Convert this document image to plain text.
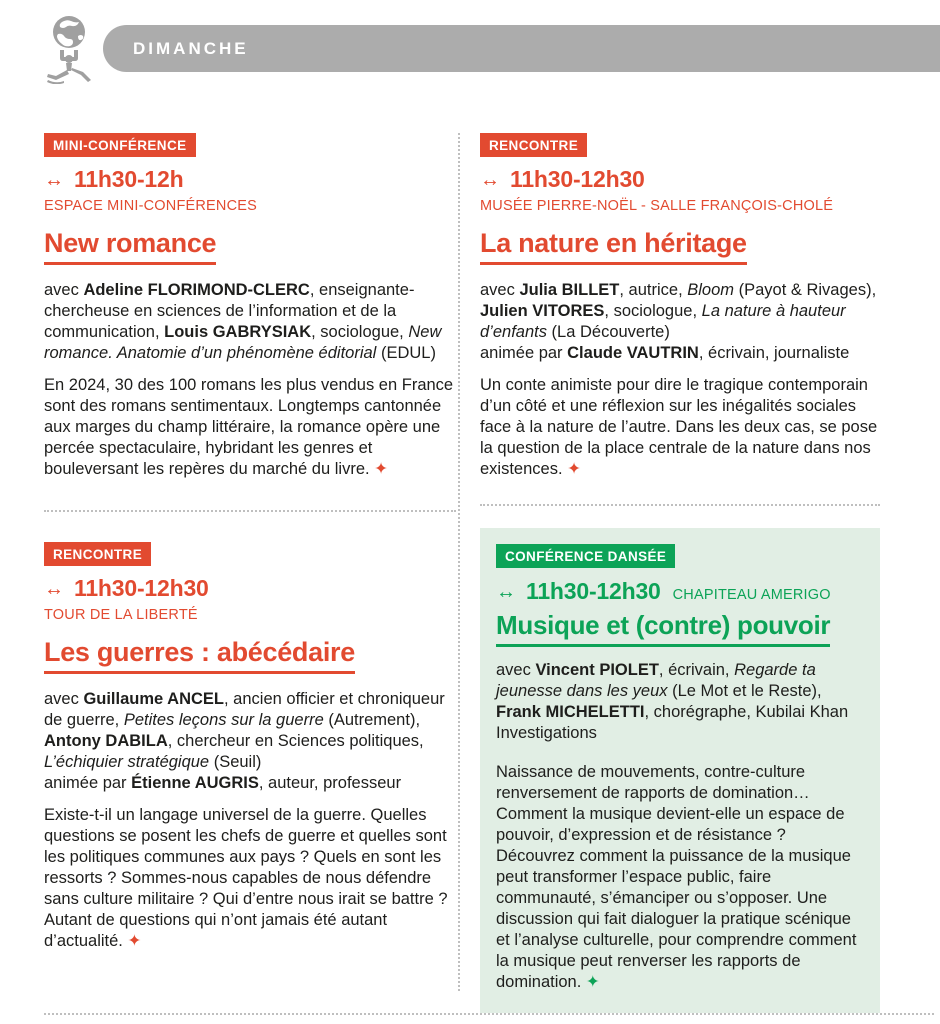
DIMANCHE
MINI-CONFÉRENCE
↔ 11h30-12h
ESPACE MINI-CONFÉRENCES
New romance

avec Adeline FLORIMOND-CLERC, enseignante-chercheuse en sciences de l’information et de la communication, Louis GABRYSIAK, sociologue, New romance. Anatomie d’un phénomène éditorial (EDUL)

En 2024, 30 des 100 romans les plus vendus en France sont des romans sentimentaux. Longtemps cantonnée aux marges du champ littéraire, la romance opère une percée spectaculaire, hybridant les genres et bouleversant les repères du marché du livre. ✦

RENCONTRE
↔ 11h30-12h30
TOUR DE LA LIBERTÉ
Les guerres : abécédaire

avec Guillaume ANCEL, ancien officier et chroniqueur de guerre, Petites leçons sur la guerre (Autrement), Antony DABILA, chercheur en Sciences politiques, L’échiquier stratégique (Seuil)
animée par Étienne AUGRIS, auteur, professeur

Existe-t-il un langage universel de la guerre. Quelles questions se posent les chefs de guerre et quelles sont les politiques communes aux pays ? Quels en sont les ressorts ? Sommes-nous capables de nous défendre sans culture militaire ? Qui d’entre nous irait se battre ? Autant de questions qui n’ont jamais été autant d’actualité. ✦

RENCONTRE
↔ 11h30-12h30
MUSÉE PIERRE-NOËL - SALLE FRANÇOIS-CHOLÉ
La nature en héritage

avec Julia BILLET, autrice, Bloom (Payot & Rivages), Julien VITORES, sociologue, La nature à hauteur d’enfants (La Découverte)
animée par Claude VAUTRIN, écrivain, journaliste

Un conte animiste pour dire le tragique contemporain d’un côté et une réflexion sur les inégalités sociales face à la nature de l’autre. Dans les deux cas, se pose la question de la place centrale de la nature dans nos existences. ✦

CONFÉRENCE DANSÉE
↔ 11h30-12h30 CHAPITEAU AMERIGO
Musique et (contre) pouvoir

avec Vincent PIOLET, écrivain, Regarde ta jeunesse dans les yeux (Le Mot et le Reste), Frank MICHELETTI, chorégraphe, Kubilai Khan Investigations

Naissance de mouvements, contre-culture renversement de rapports de domination… Comment la musique devient-elle un espace de pouvoir, d’expression et de résistance ? Découvrez comment la puissance de la musique peut transformer l’espace public, faire communauté, s’émanciper ou s’opposer. Une discussion qui fait dialoguer la pratique scénique et l’analyse culturelle, pour comprendre comment la musique peut renverser les rapports de domination. ✦
